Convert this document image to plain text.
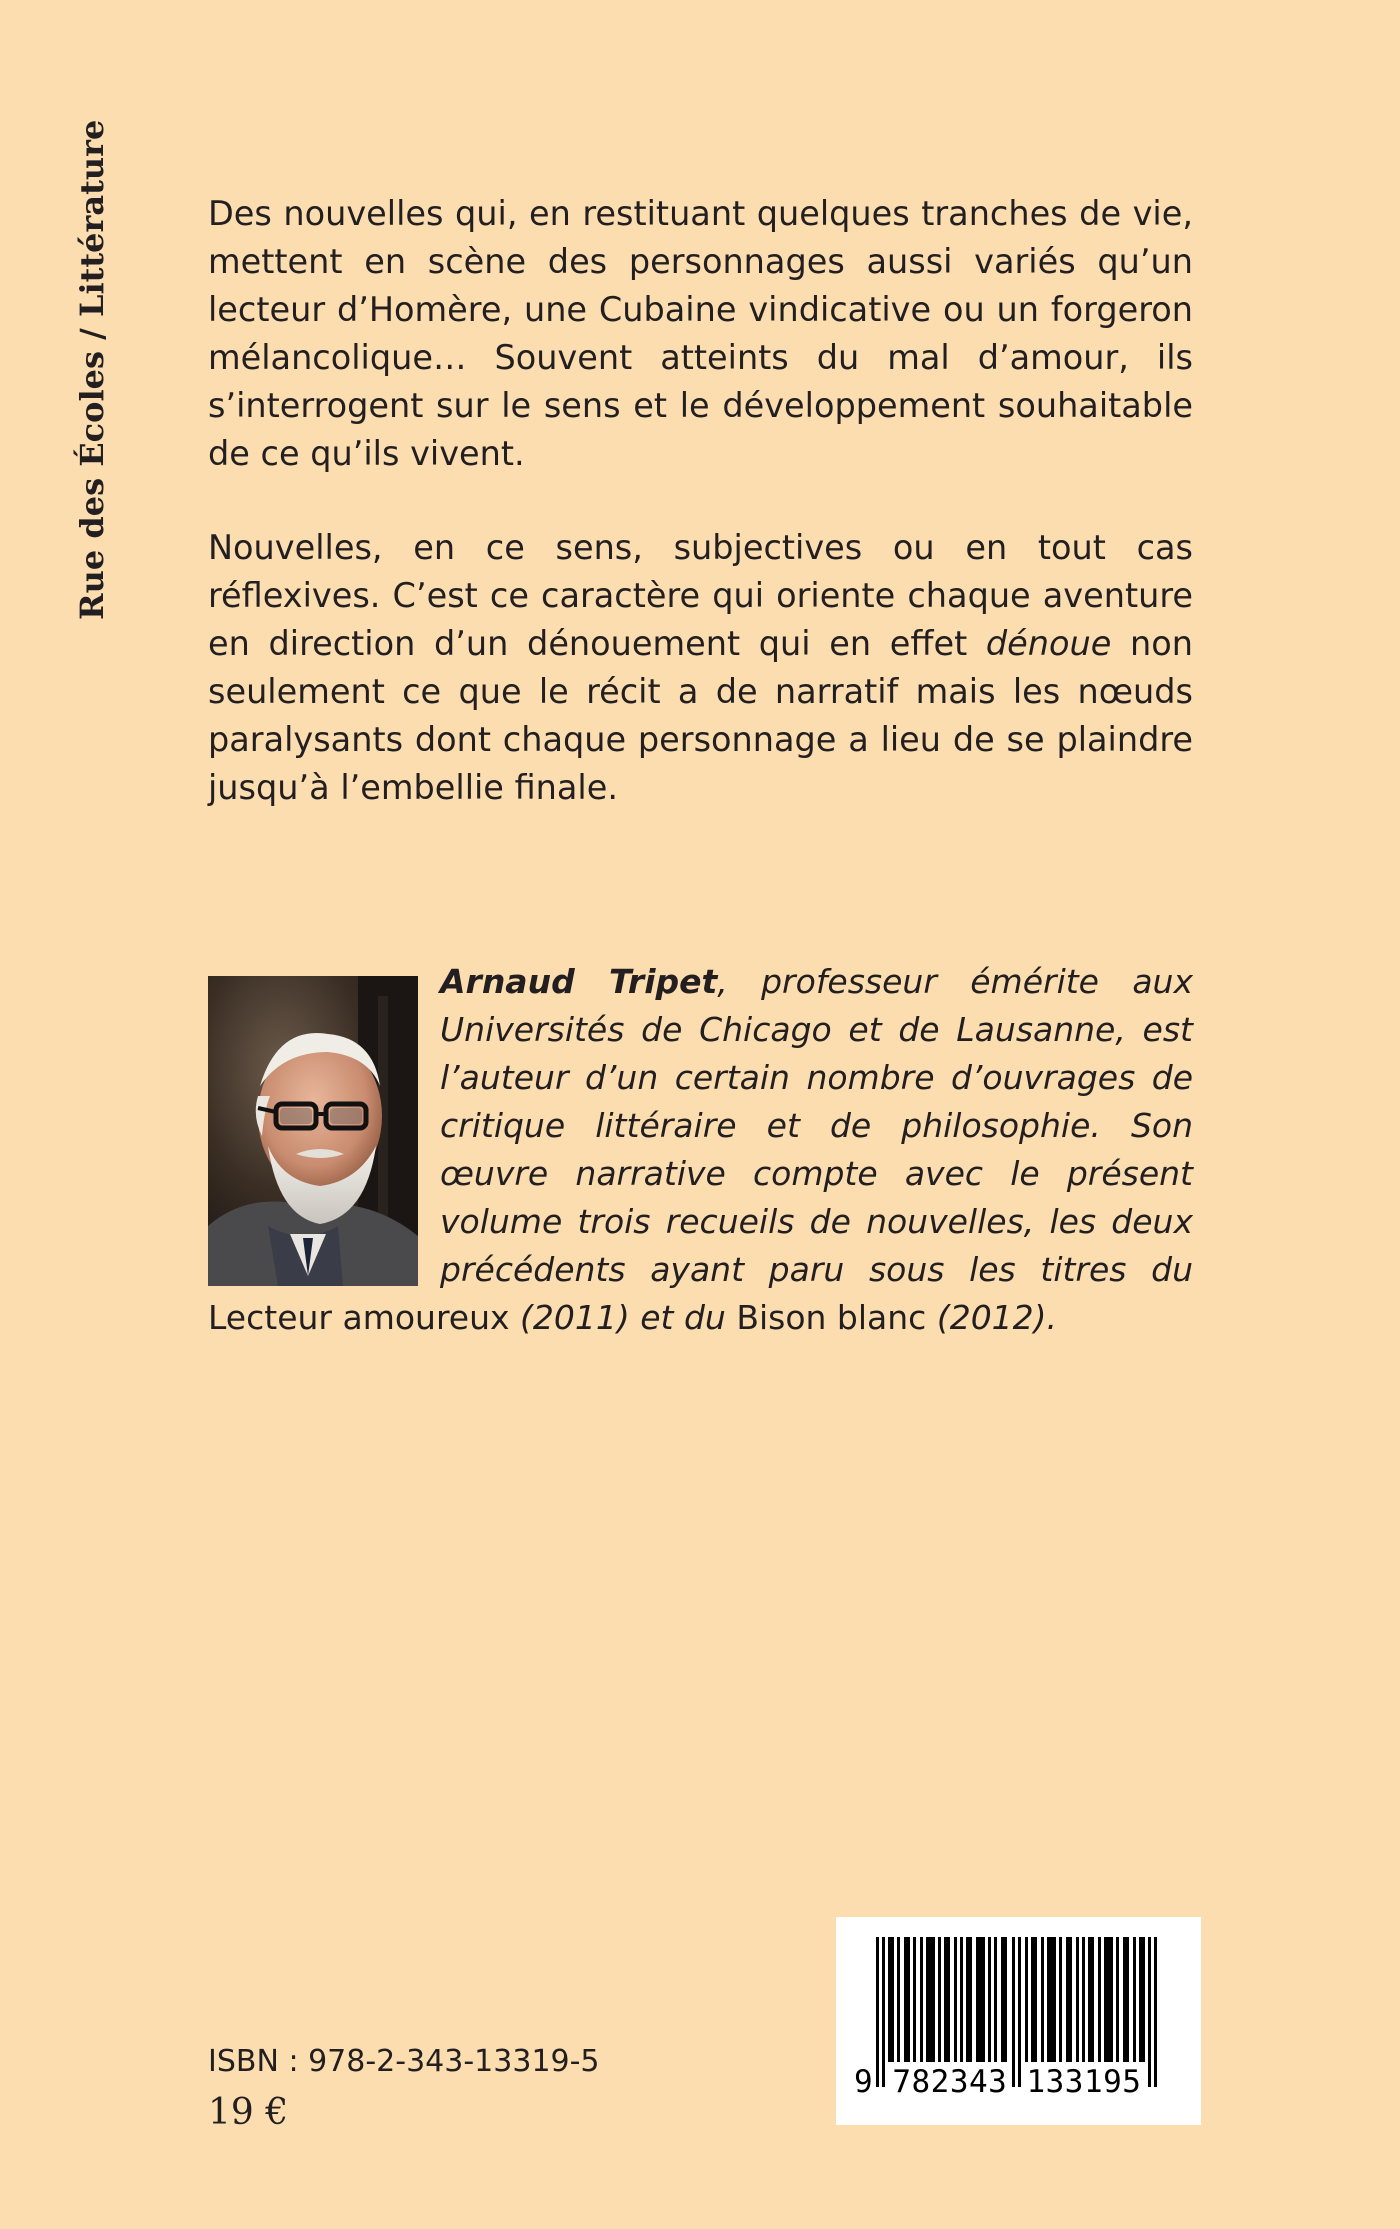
Rue des Écoles / Littérature	Des nouvelles qui, en restituant quelques tranches de vie, mettent en scène des personnages aussi variés qu’un lecteur d’Homère, une Cubaine vindicative ou un forgeron mélancolique… Souvent atteints du mal d’amour, ils s’interrogent sur le sens et le développement souhaitable de ce qu’ils vivent.

Nouvelles, en ce sens, subjectives ou en tout cas réflexives. C’est ce caractère qui oriente chaque aventure en direction d’un dénouement qui en effet dénoue non seulement ce que le récit a de narratif mais les nœuds paralysants dont chaque personnage a lieu de se plaindre jusqu’à l’embellie finale.

Arnaud Tripet, professeur émérite aux Universités de Chicago et de Lausanne, est l’auteur d’un certain nombre d’ouvrages de critique littéraire et de philosophie. Son œuvre narrative compte avec le présent volume trois recueils de nouvelles, les deux précédents ayant paru sous les titres du Lecteur amoureux (2011) et du Bison blanc (2012).
ISBN : 978-2-343-13319-5
19 €
9 782343 133195
